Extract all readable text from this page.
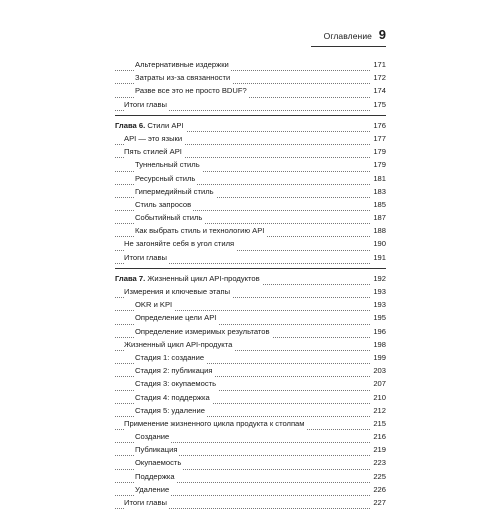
Оглавление 9
Альтернативные издержки	171
Затраты из-за связанности	172
Разве все это не просто BDUF?	174
Итоги главы	175
Глава 6. Стили API	176
API — это языки	177
Пять стилей API	179
Туннельный стиль	179
Ресурсный стиль	181
Гипермедийный стиль	183
Стиль запросов	185
Событийный стиль	187
Как выбрать стиль и технологию API	188
Не загоняйте себя в угол стиля	190
Итоги главы	191
Глава 7. Жизненный цикл API-продуктов	192
Измерения и ключевые этапы	193
OKR и KPI	193
Определение цели API	195
Определение измеримых результатов	196
Жизненный цикл API-продукта	198
Стадия 1: создание	199
Стадия 2: публикация	203
Стадия 3: окупаемость	207
Стадия 4: поддержка	210
Стадия 5: удаление	212
Применение жизненного цикла продукта к столпам	215
Создание	216
Публикация	219
Окупаемость	223
Поддержка	225
Удаление	226
Итоги главы	227
